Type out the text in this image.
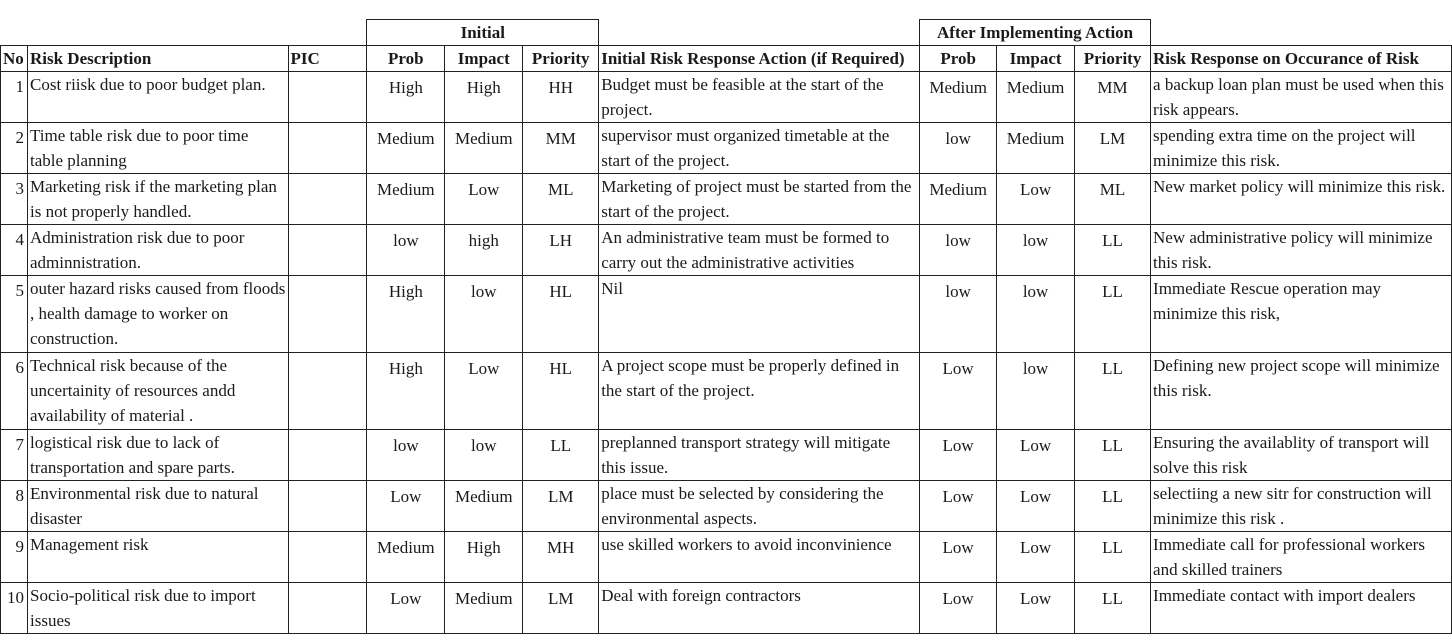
			Initial				After Implementing Action			
No	Risk Description	PIC	Prob	Impact	Priority	Initial Risk Response Action (if Required)	Prob	Impact	Priority	Risk Response on Occurance of Risk

1	Cost riisk due to poor budget plan.		High	High	HH	Budget must be feasible at the start of the project.	Medium	Medium	MM	a backup loan plan must be used when this risk appears.

2	Time table risk due to poor time table planning		Medium	Medium	MM	supervisor must organized timetable at the start of the project.	low	Medium	LM	spending extra time on the project will minimize this risk.

3	Marketing risk if the marketing plan is not properly handled.		Medium	Low	ML	Marketing of project must be started from the start of the project.	Medium	Low	ML	New market policy will minimize this risk.

4	Administration risk due to poor adminnistration.		low	high	LH	An administrative team must be formed to carry out the administrative activities	low	low	LL	New administrative policy will minimize this risk.

5	outer hazard risks caused from floods , health damage to worker on construction.		High	low	HL	Nil	low	low	LL	Immediate Rescue operation may minimize this risk,

6	Technical risk because of the uncertainity of resources andd availability of material .		High	Low	HL	A project scope must be properly defined in the start of the project.	Low	low	LL	Defining new project scope will minimize this risk.

7	logistical risk due to lack of transportation and spare parts.		low	low	LL	preplanned transport strategy will mitigate this issue.	Low	Low	LL	Ensuring the availablity of transport will solve this risk

8	Environmental risk due to natural disaster		Low	Medium	LM	place must be selected by considering the environmental aspects.	Low	Low	LL	selectiing a new sitr for construction will minimize this risk .

9	Management risk		Medium	High	MH	use skilled workers to avoid inconvinience	Low	Low	LL	Immediate call for professional workers and skilled trainers

10	Socio-political risk due to import issues		Low	Medium	LM	Deal with foreign contractors	Low	Low	LL	Immediate contact with import dealers
